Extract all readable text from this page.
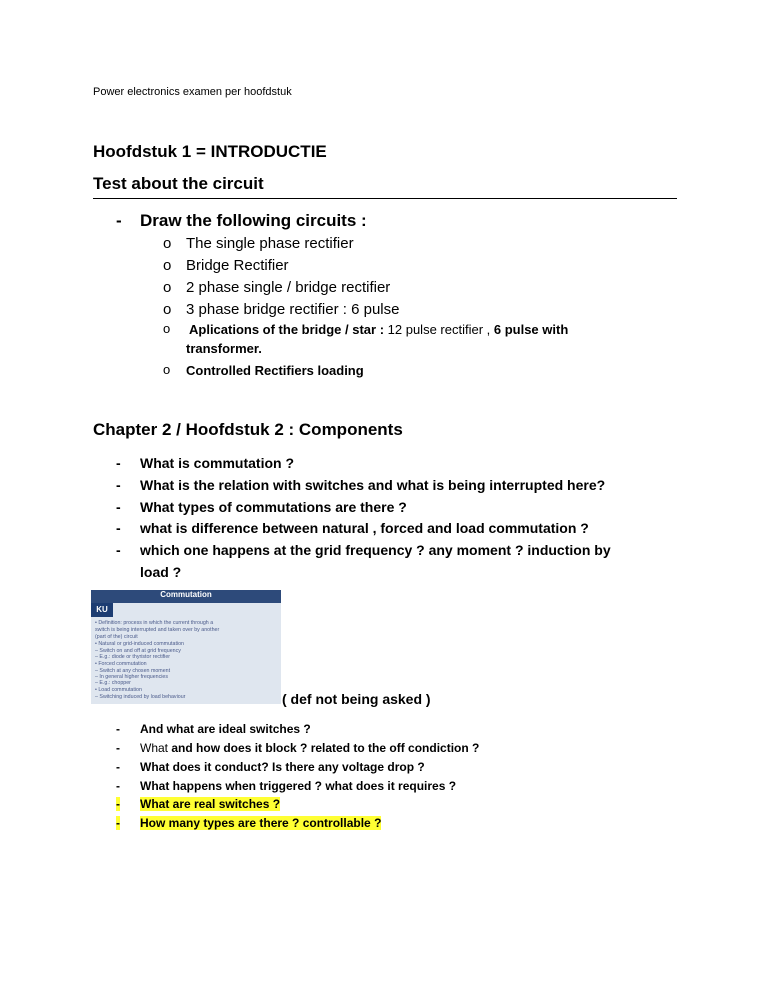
Power electronics examen per hoofdstuk
Hoofdstuk 1 = INTRODUCTIE
Test about the circuit
- Draw the following circuits :
o The single phase rectifier
o Bridge Rectifier
o 2 phase single / bridge rectifier
o 3 phase bridge rectifier : 6 pulse
o Aplications of the bridge / star : 12 pulse rectifier , 6 pulse with
transformer.
o Controlled Rectifiers loading
Chapter 2 / Hoofdstuk 2 : Components
- What is commutation ?
- What is the relation with switches and what is being interrupted here?
- What types of commutations are there ?
- what is difference between natural , forced and load commutation ?
- which one happens at the grid frequency ? any moment ? induction by
load ?
Commutation
KU
• Definition: process in which the current through a
switch is being interrupted and taken over by another
(part of the) circuit
• Natural or grid-induced commutation
– Switch on and off at grid frequency
– E.g.: diode or thyristor rectifier
• Forced commutation
– Switch at any chosen moment
– In general higher frequencies
– E.g.: chopper
• Load commutation
– Switching induced by load behaviour	( def not being asked )
- And what are ideal switches ?
- What and how does it block ? related to the off condiction ?
- What does it conduct? Is there any voltage drop ?
- What happens when triggered ? what does it requires ?
- What are real switches ?
- How many types are there ? controllable ?
